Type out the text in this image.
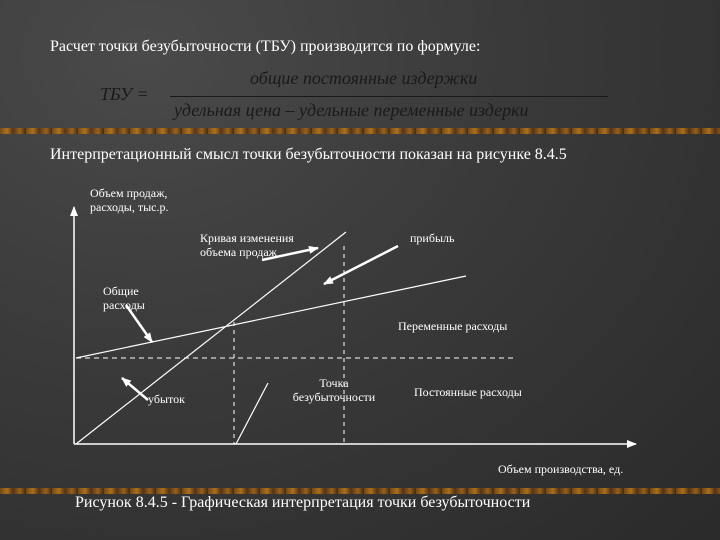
Расчет точки безубыточности (ТБУ) производится по формуле:
ТБУ =
общие постоянные издержки
удельная цена – удельные переменные издерки
Интерпретационный смысл точки безубыточности показан на рисунке 8.4.5
Объем продаж,
расходы, тыс.р.
Кривая изменения
объема продаж
прибыль
Общие
расходы
Переменные расходы
убыток
Точка
безубыточности	Постоянные расходы
Объем производства, ед.
Рисунок 8.4.5 - Графическая интерпретация точки безубыточности
